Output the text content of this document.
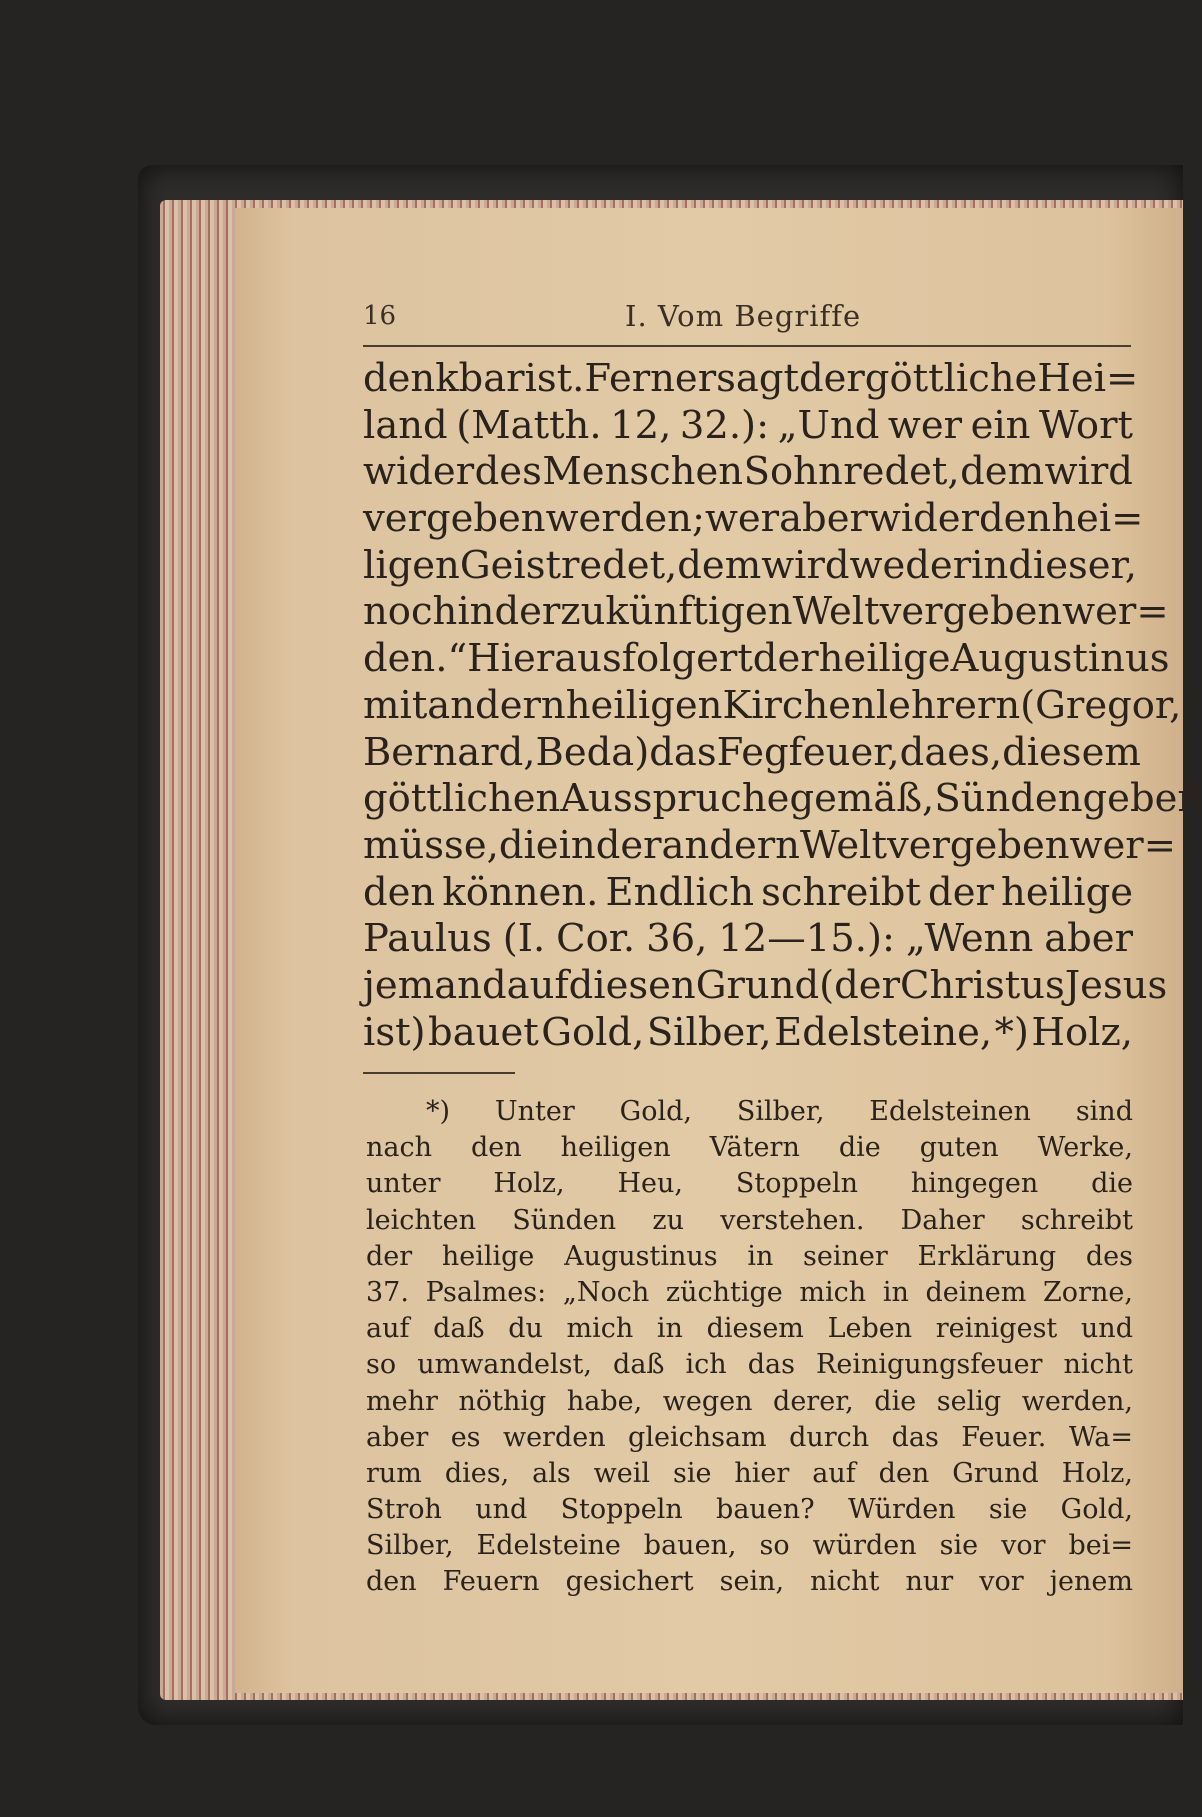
16	I. Vom Begriffe
denkbar ist. Ferner sagt der göttliche Hei=
land (Matth. 12, 32.): „Und wer ein Wort
wider des Menschen Sohn redet, dem wird
vergeben werden; wer aber wider den hei=
ligen Geist redet, dem wird weder in dieser,
noch in der zukünftigen Welt vergeben wer=
den.“ Hieraus folgert der heilige Augustinus
mit andern heiligen Kirchenlehrern (Gregor,
Bernard, Beda) das Fegfeuer, da es, diesem
göttlichen Ausspruche gemäß, Sünden geben
müsse, die in der andern Welt vergeben wer=
den können. Endlich schreibt der heilige
Paulus (I. Cor. 36, 12—15.): „Wenn aber
jemand auf diesen Grund (der Christus Jesus
ist) bauet Gold, Silber, Edelsteine, *) Holz,
*) Unter Gold, Silber, Edelsteinen sind
nach den heiligen Vätern die guten Werke,
unter Holz, Heu, Stoppeln hingegen die
leichten Sünden zu verstehen. Daher schreibt
der heilige Augustinus in seiner Erklärung des
37. Psalmes: „Noch züchtige mich in deinem Zorne,
auf daß du mich in diesem Leben reinigest und
so umwandelst, daß ich das Reinigungsfeuer nicht
mehr nöthig habe, wegen derer, die selig werden,
aber es werden gleichsam durch das Feuer. Wa=
rum dies, als weil sie hier auf den Grund Holz,
Stroh und Stoppeln bauen? Würden sie Gold,
Silber, Edelsteine bauen, so würden sie vor bei=
den Feuern gesichert sein, nicht nur vor jenem
